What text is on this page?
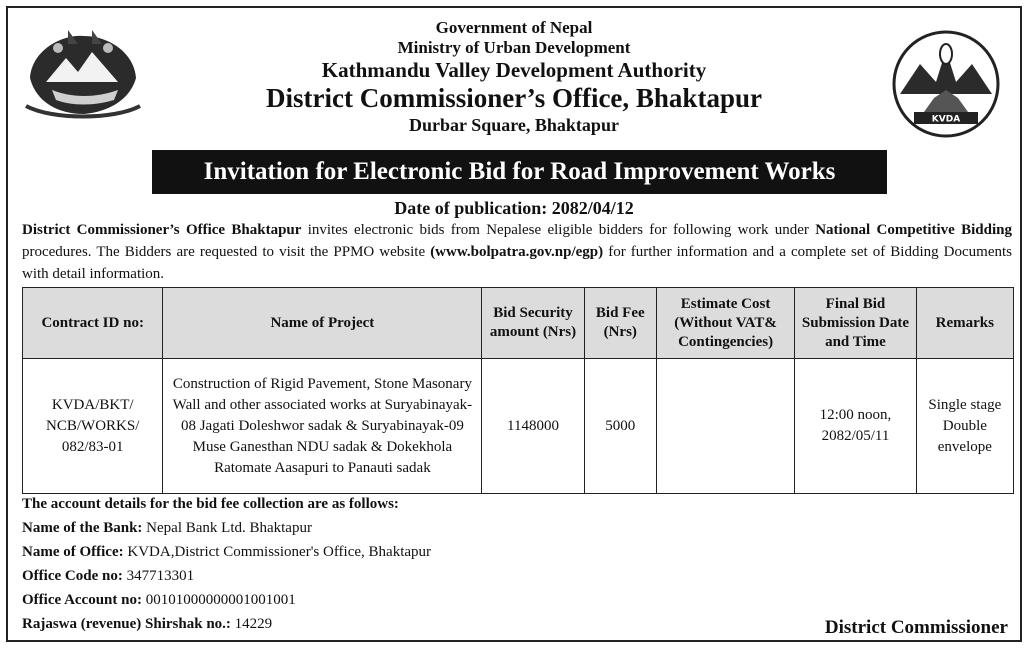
KVDA
Government of Nepal
Ministry of Urban Development
Kathmandu Valley Development Authority
District Commissioner’s Office, Bhaktapur
Durbar Square, Bhaktapur
Invitation for Electronic Bid for Road Improvement Works
Date of publication: 2082/04/12
District Commissioner’s Office Bhaktapur invites electronic bids from Nepalese eligible bidders for following work under National Competitive Bidding procedures. The Bidders are requested to visit the PPMO website (www.bolpatra.gov.np/egp) for further information and a complete set of Bidding Documents with detail information.
Contract ID no:	Name of Project	Bid Security amount (Nrs)	Bid Fee (Nrs)	Estimate Cost (Without VAT& Contingencies)	Final Bid Submission Date and Time	Remarks
KVDA/BKT/ NCB/WORKS/ 082/83-01	Construction of Rigid Pavement, Stone Masonary Wall and other associated works at Suryabinayak-08 Jagati Doleshwor sadak & Suryabinayak-09 Muse Ganesthan NDU sadak & Dokekhola Ratomate Aasapuri to Panauti sadak	1148000	5000		12:00 noon, 2082/05/11	Single stage Double envelope
The account details for the bid fee collection are as follows:
Name of the Bank: Nepal Bank Ltd. Bhaktapur
Name of Office: KVDA,District Commissioner's Office, Bhaktapur
Office Code no: 347713301
Office Account no: 00101000000001001001
Rajaswa (revenue) Shirshak no.: 14229	District Commissioner
